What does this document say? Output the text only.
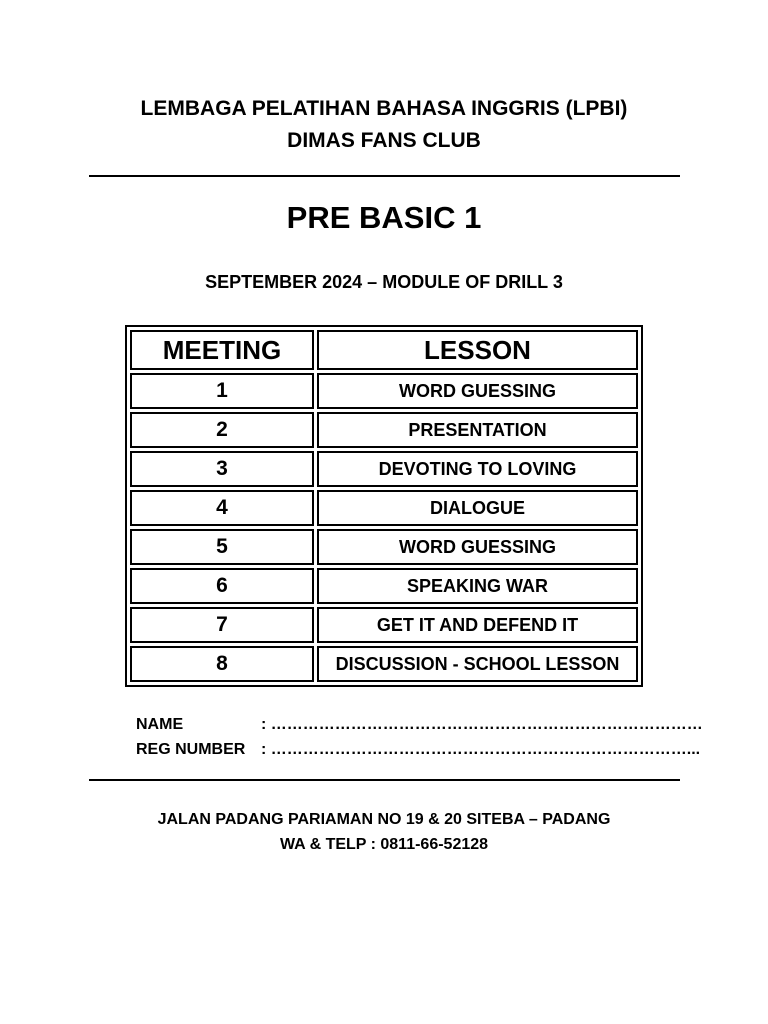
LEMBAGA PELATIHAN BAHASA INGGRIS (LPBI)
DIMAS FANS CLUB
PRE BASIC 1
SEPTEMBER 2024 – MODULE OF DRILL 3
MEETING	LESSON
1	WORD GUESSING
2	PRESENTATION
3	DEVOTING TO LOVING
4	DIALOGUE
5	WORD GUESSING
6	SPEAKING WAR
7	GET IT AND DEFEND IT
8	DISCUSSION - SCHOOL LESSON
NAME	: ………………………………………………………………………
REG NUMBER : ……………………………………………………………………...
JALAN PADANG PARIAMAN NO 19 & 20 SITEBA – PADANG
WA & TELP : 0811-66-52128
